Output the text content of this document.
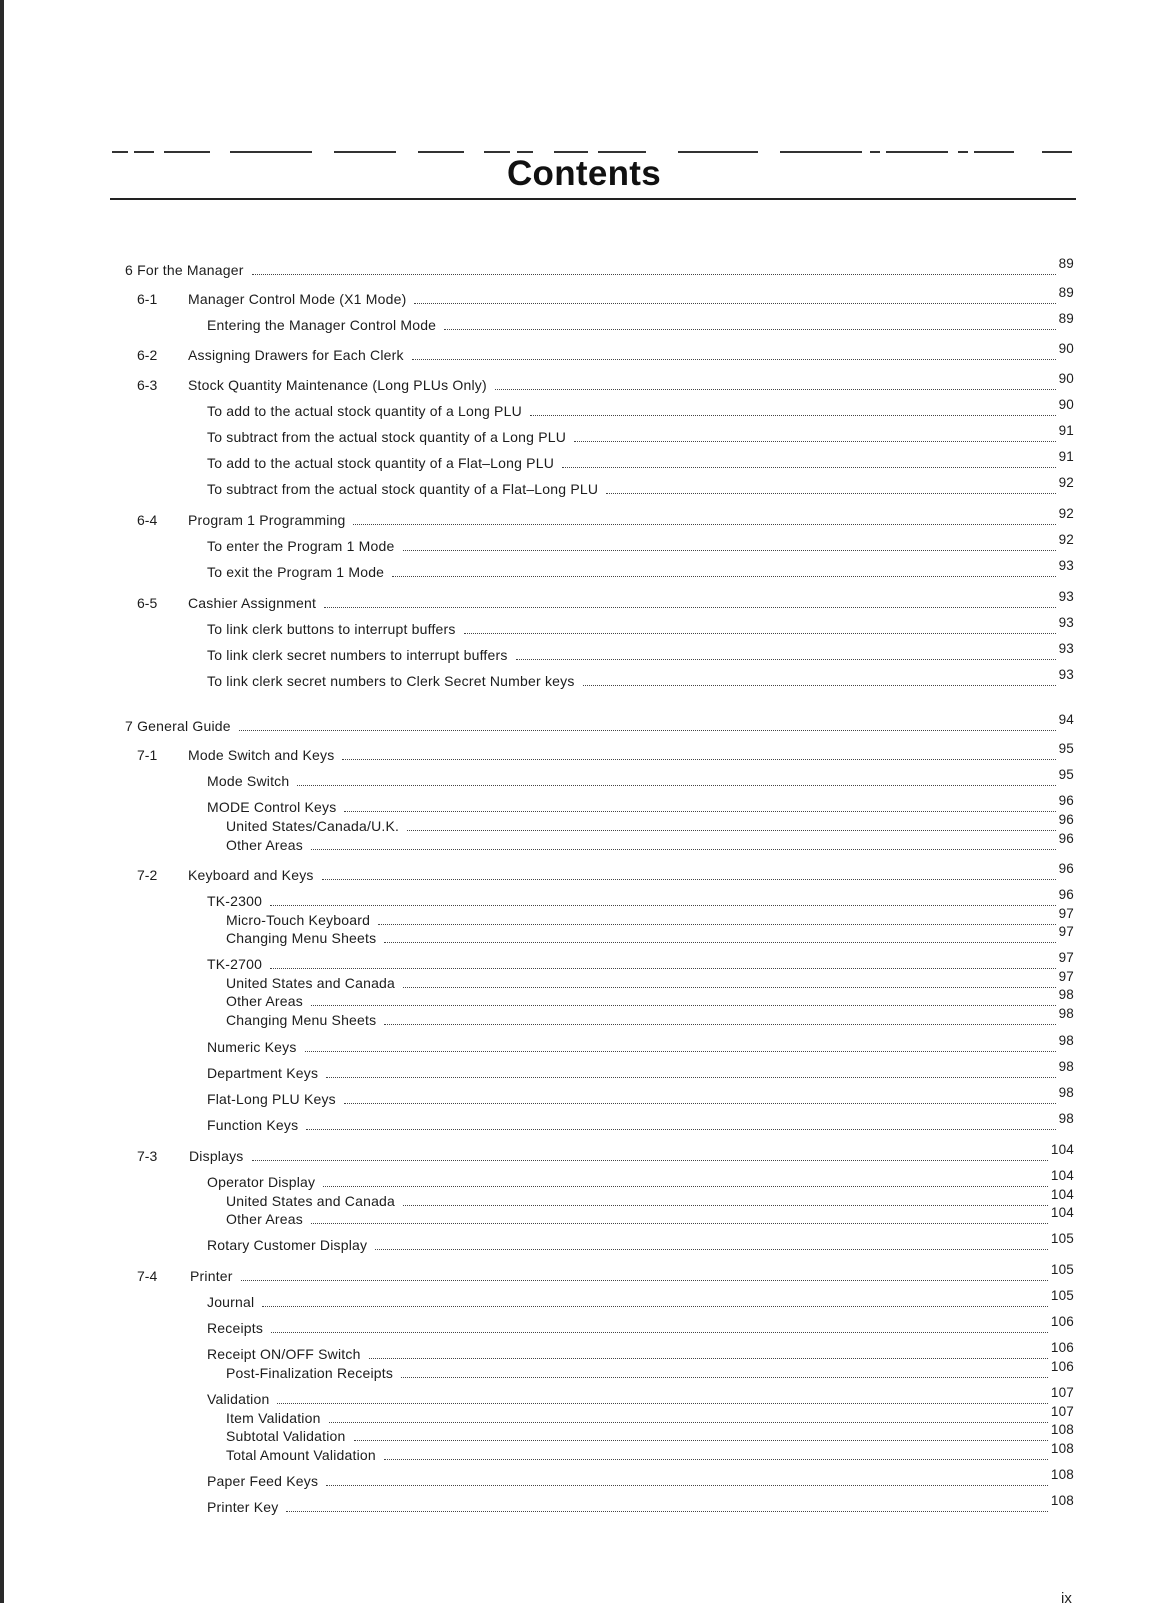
Contents
6 For the Manager	89
6-1 Manager Control Mode (X1 Mode)	89
Entering the Manager Control Mode	89
6-2 Assigning Drawers for Each Clerk	90
6-3 Stock Quantity Maintenance (Long PLUs Only)	90
To add to the actual stock quantity of a Long PLU	90
To subtract from the actual stock quantity of a Long PLU	91
To add to the actual stock quantity of a Flat–Long PLU	91
To subtract from the actual stock quantity of a Flat–Long PLU	92
6-4 Program 1 Programming	92
To enter the Program 1 Mode	92
To exit the Program 1 Mode	93
6-5 Cashier Assignment	93
To link clerk buttons to interrupt buffers	93
To link clerk secret numbers to interrupt buffers	93
To link clerk secret numbers to Clerk Secret Number keys	93
7 General Guide	94
7-1 Mode Switch and Keys	95
Mode Switch	95
MODE Control Keys	96
United States/Canada/U.K.	96
Other Areas	96
7-2 Keyboard and Keys	96
TK-2300	96
Micro-Touch Keyboard	97
Changing Menu Sheets	97
TK-2700	97
United States and Canada	97
Other Areas	98
Changing Menu Sheets	98
Numeric Keys	98
Department Keys	98
Flat-Long PLU Keys	98
Function Keys	98
7-3 Displays	104
Operator Display	104
United States and Canada	104
Other Areas	104
Rotary Customer Display	105
7-4 Printer	105
Journal	105
Receipts	106
Receipt ON/OFF Switch	106
Post-Finalization Receipts	106
Validation	107
Item Validation	107
Subtotal Validation	108
Total Amount Validation	108
Paper Feed Keys	108
Printer Key	108
ix
